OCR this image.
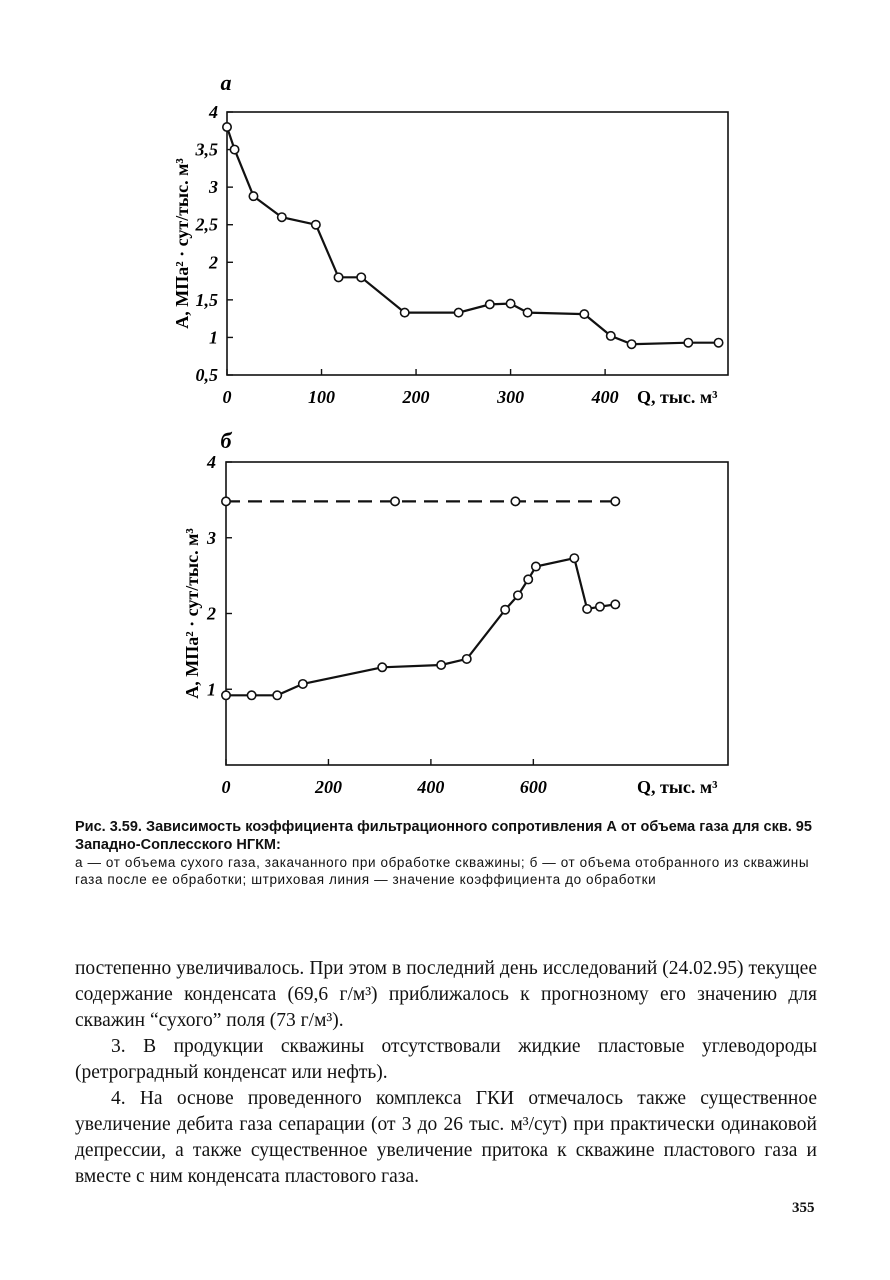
а
4
3,5
3
2,5
2
1,5
1
0,5
0	100	200	300	400 Q, тыс. м³
А, МПа² · сут/тыс. м³
б
4
3
2
1
0	200	400	600	Q, тыс. м³
А, МПа² · сут/тыс. м³

Рис. 3.59. Зависимость коэффициента фильтрационного сопротивления А от объема газа для скв. 95 Западно-Соплесского НГКМ:

а — от объема сухого газа, закачанного при обработке скважины; б — от объема отобранного из скважины газа после ее обработки; штриховая линия — значение коэффициента до обработки

постепенно увеличивалось. При этом в последний день исследований (24.02.95) текущее содержание конденсата (69,6 г/м³) приближалось к прогнозному его значению для скважин “сухого” поля (73 г/м³).

3. В продукции скважины отсутствовали жидкие пластовые углеводороды (ретроградный конденсат или нефть).

4. На основе проведенного комплекса ГКИ отмечалось также существенное увеличение дебита газа сепарации (от 3 до 26 тыс. м³/сут) при практически одинаковой депрессии, а также существенное увеличение притока к скважине пластового газа и вместе с ним конденсата пластового газа.

355
